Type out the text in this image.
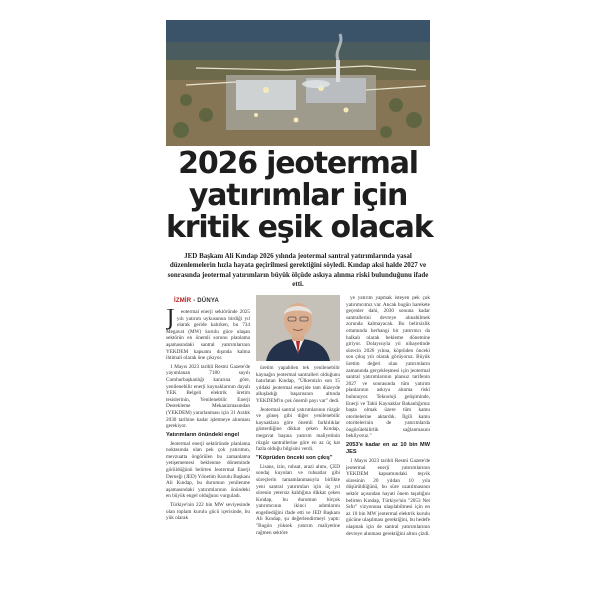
2026 jeotermal
yatırımlar için
kritik eşik olacak
JED Başkanı Ali Kındap 2026 yılında jeotermal santral yatırımlarında yasal düzenlemelerin hızla hayata geçirilmesi gerektiğini söyledi. Kındap aksi halde 2027 ve sonrasında jeotermal yatırımların büyük ölçüde askıya alınma riski bulunduğunu ifade etti.
İZMİR - DÜNYA
J	eotermal enerji sektöründe 2025 yılı yatırım uykusunun birdiği yıl olarak geride kalırken, bu 734 Megavat (MW) kurulu güce ulaşan sektörün en önemli sorunu planlama aşamasındaki santral yatırımlarının YEKDEM kapsamı dışında kalma ihtimali olarak öne çıkıyor.

1 Mayıs 2023 tarihli Resmi Gazete'de yayımlanan 7180 sayılı Cumhurbaşkanlığı kararına göre, yenilenebilir enerji kaynaklarının dayalı YEK Belgeli elektrik üretim tesislerinin, Yenilenebilir Enerji Destekleme Mekanizmasından (YEKDEM) yararlanması için 31 Aralık 2030 tarihine kadar işletmeye alınması gerekiyor.

Yatırımların önündeki engel

Jeotermal enerji sektöründe planlama noktasında olan pek çok yatırımın, mevzuatta öngörülen bu zamanlama yetişememesi beklenme döneminde görüldüğünü belirten Jeotermal Enerji Derneği (JED) Yönetim Kurulu Başkanı Ali Kındap, bu durumun yenilenme aşamasındaki yatırımlarının önündeki en büyük engel olduğunu vurguladı.

Türkiye'nin 222 bin MW seviyesinde olan toplam kurulu gücü içerisinde, bu yük olarak

üretim yapabilen tek yenilenebilir kaynağın jeotermal santralleri olduğunu hatırlatan Kındap, "Ülkemizin son 15 yıldaki jeotermal enerjide tam düzeyde alkışladığı başarısının altında YEKDEM'in çok önemli payı var" dedi.

Jeotermal santral yatırımlarının rüzgâr ve güneş gibi diğer yenilenebilir kaynaklara göre önemli farklılıklar gösterdiğine dikkat çeken Kındap, megavat başına yatırım maliyetinin rüzgâr santrallerine göre en az üç kat fazla olduğu bilgisini verdi.

"Köprüden önceki son çıkış"

Lisans, izin, ruhsat, arazi alımı, ÇED sondaj kuyuları ve ruhsatlar gibi süreçlerin tamamlanmasıyla birlikte yeni santral yatırımları için üç yıl sürenin yetersiz kaldığına dikkat çeken Kındap, bu durumun birçok yatırımcının ikinci adımlarını engellediğini ifade etti ve JED Başkanı Ali Kındap, şu değerlendirmeyi yaptı: "Bugün yüksek yatırım maliyetine rağmen sektöre

ye yatırım yapmak isteyen pek çok yatırımcımız var. Ancak bugün harekete geçenler dahi, 2030 sonuna kadar santrallerini devreye alınabilmek zorunda kalmayacak. Bu belirsizlik ortamında herhangi bir yatırımcı da halkalı olarak bekleme dönemine giriyor. Dolayısıyla yıl nihayetinde sürecin 2026 yılına, köprüden önceki son çıkış yılı olarak görüyoruz. Büyük üretim değeri olan yatırımların zamanında gerçekleşmesi için jeotermal santral yatırımlarının plansız tarifenin 2027 ve sonrasında tüm yatırım planlarının askıya alınma riski bulunuyor. Teknoloji gelişiminde, Enerji ve Tabii Kaynaklar Bakanlığımız başta olmak üzere tüm kamu otoritelerine aktardık. İlgili kamu otoritelerinin de yatırımlarda öngörülebilirlik sağlanmasını bekliyoruz."

2053'e kadar en az 10 bin MW JES

1 Mayıs 2023 tarihli Resmi Gazete'de jeotermal enerji yatırımlarının YEKDEM kapsamındaki teşvik süresinin 20 yıldan 10 yıla düşürüldüğünü, bu süre uzatılmasının sektör açısından hayati önem taşıdığını belirten Kındap, Türkiye'nin "2053 Net Sıfır" vizyonuna ulaşılabilmesi için en az 10 bin MW jeotermal elektrik kurulu gücüne ulaşılması gerektiğini, bu hedefe ulaşmak için de santral yatırımlarının devreye alınması gerektiğini altını çizdi.
